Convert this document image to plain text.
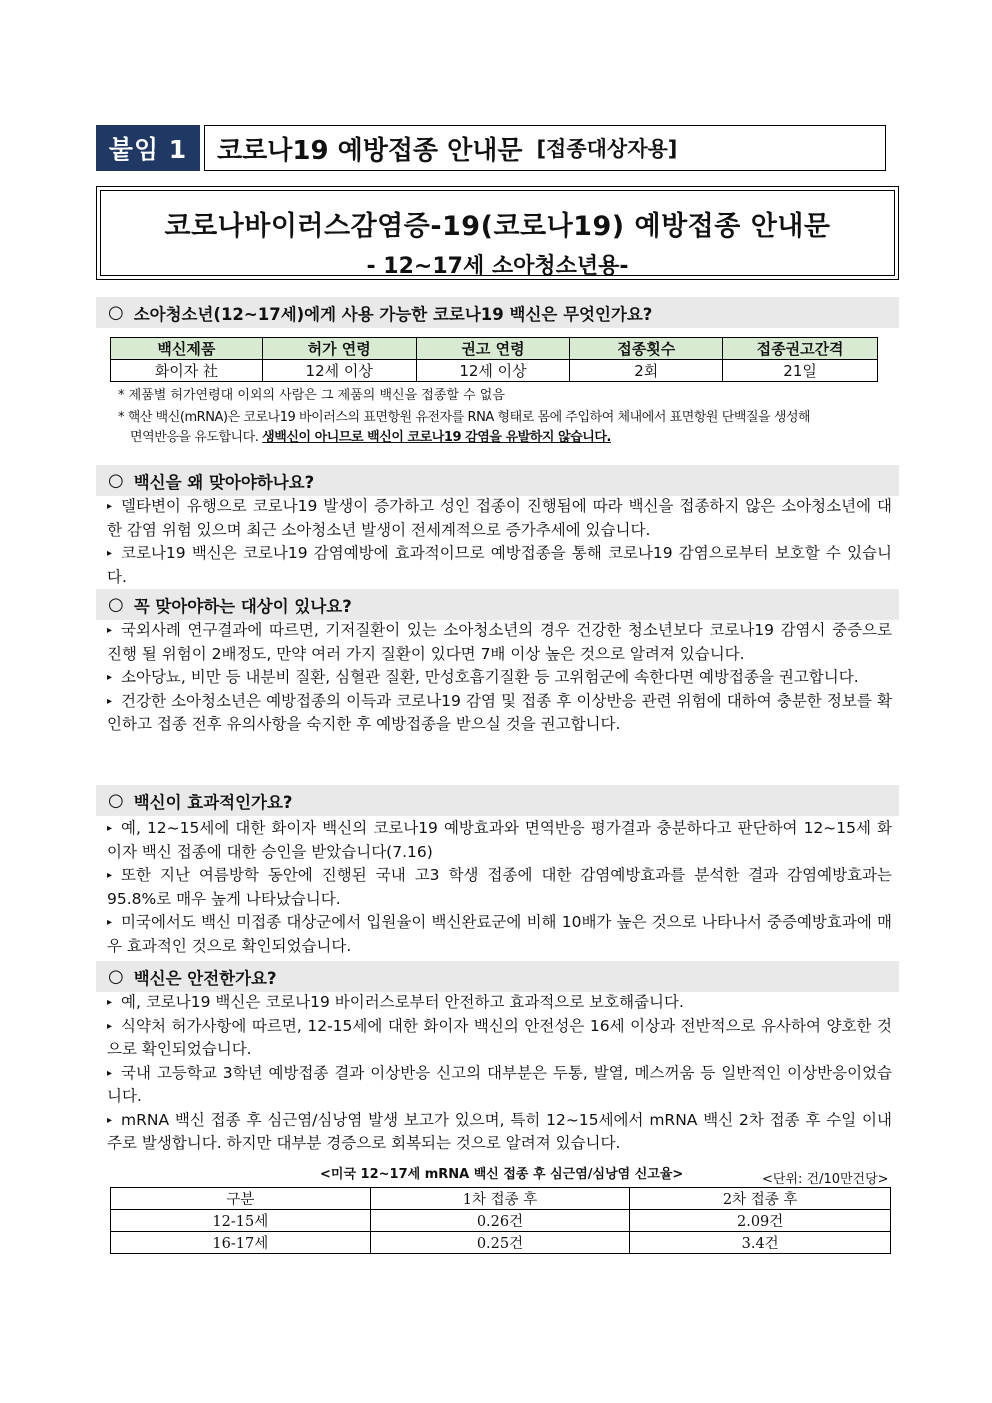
붙임 1	코로나19 예방접종 안내문 [접종대상자용]
코로나바이러스감염증-19(코로나19) 예방접종 안내문
- 12~17세 소아청소년용-
○ 소아청소년(12~17세)에게 사용 가능한 코로나19 백신은 무엇인가요?
백신제품	허가 연령	권고 연령	접종횟수	접종권고간격
화이자 社	12세 이상	12세 이상	2회	21일
* 제품별 허가연령대 이외의 사람은 그 제품의 백신을 접종할 수 없음
* 핵산 백신(mRNA)은 코로나19 바이러스의 표면항원 유전자를 RNA 형태로 몸에 주입하여 체내에서 표면항원 단백질을 생성해
면역반응을 유도합니다. 생백신이 아니므로 백신이 코로나19 감염을 유발하지 않습니다.
○ 백신을 왜 맞아야하나요?
▸ 델타변이 유행으로 코로나19 발생이 증가하고 성인 접종이 진행됨에 따라 백신을 접종하지 않은 소아청소년에 대한 감염 위험 있으며 최근 소아청소년 발생이 전세계적으로 증가추세에 있습니다.
▸ 코로나19 백신은 코로나19 감염예방에 효과적이므로 예방접종을 통해 코로나19 감염으로부터 보호할 수 있습니다.
○ 꼭 맞아야하는 대상이 있나요?
▸ 국외사례 연구결과에 따르면, 기저질환이 있는 소아청소년의 경우 건강한 청소년보다 코로나19 감염시 중증으로 진행 될 위험이 2배정도, 만약 여러 가지 질환이 있다면 7배 이상 높은 것으로 알려져 있습니다.
▸ 소아당뇨, 비만 등 내분비 질환, 심혈관 질환, 만성호흡기질환 등 고위험군에 속한다면 예방접종을 권고합니다.
▸ 건강한 소아청소년은 예방접종의 이득과 코로나19 감염 및 접종 후 이상반응 관련 위험에 대하여 충분한 정보를 확인하고 접종 전후 유의사항을 숙지한 후 예방접종을 받으실 것을 권고합니다.
○ 백신이 효과적인가요?
▸ 예, 12~15세에 대한 화이자 백신의 코로나19 예방효과와 면역반응 평가결과 충분하다고 판단하여 12~15세 화이자 백신 접종에 대한 승인을 받았습니다(7.16)
▸ 또한 지난 여름방학 동안에 진행된 국내 고3 학생 접종에 대한 감염예방효과를 분석한 결과 감염예방효과는 95.8%로 매우 높게 나타났습니다.
▸ 미국에서도 백신 미접종 대상군에서 입원율이 백신완료군에 비해 10배가 높은 것으로 나타나서 중증예방효과에 매우 효과적인 것으로 확인되었습니다.
○ 백신은 안전한가요?
▸ 예, 코로나19 백신은 코로나19 바이러스로부터 안전하고 효과적으로 보호해줍니다.
▸ 식약처 허가사항에 따르면, 12-15세에 대한 화이자 백신의 안전성은 16세 이상과 전반적으로 유사하여 양호한 것으로 확인되었습니다.
▸ 국내 고등학교 3학년 예방접종 결과 이상반응 신고의 대부분은 두통, 발열, 메스꺼움 등 일반적인 이상반응이었습니다.
▸ mRNA 백신 접종 후 심근염/심낭염 발생 보고가 있으며, 특히 12~15세에서 mRNA 백신 2차 접종 후 수일 이내 주로 발생합니다. 하지만 대부분 경증으로 회복되는 것으로 알려져 있습니다.
<미국 12~17세 mRNA 백신 접종 후 심근염/심낭염 신고율>	<단위: 건/10만건당>
구분	1차 접종 후	2차 접종 후
12-15세	0.26건	2.09건
16-17세	0.25건	3.4건
